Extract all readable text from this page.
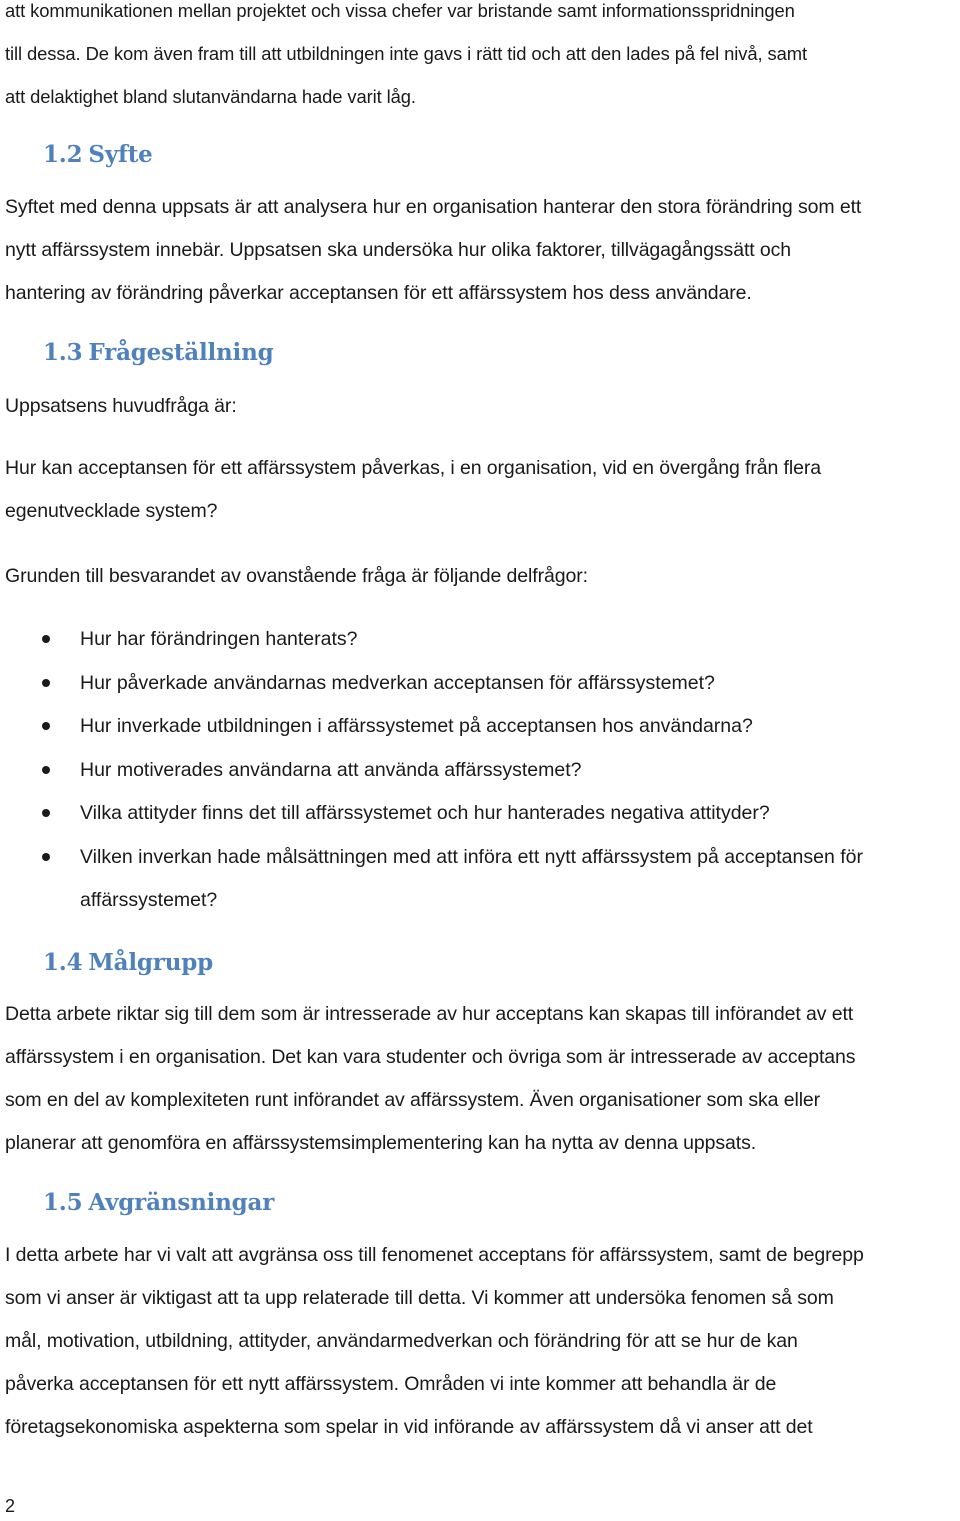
att kommunikationen mellan projektet och vissa chefer var bristande samt informationsspridningen
till dessa. De kom även fram till att utbildningen inte gavs i rätt tid och att den lades på fel nivå, samt
att delaktighet bland slutanvändarna hade varit låg.

1.2 Syfte

Syftet med denna uppsats är att analysera hur en organisation hanterar den stora förändring som ett
nytt affärssystem innebär. Uppsatsen ska undersöka hur olika faktorer, tillvägagångssätt och
hantering av förändring påverkar acceptansen för ett affärssystem hos dess användare.

1.3 Frågeställning

Uppsatsens huvudfråga är:

Hur kan acceptansen för ett affärssystem påverkas, i en organisation, vid en övergång från flera
egenutvecklade system?

Grunden till besvarandet av ovanstående fråga är följande delfrågor:

Hur har förändringen hanterats?
Hur påverkade användarnas medverkan acceptansen för affärssystemet?
Hur inverkade utbildningen i affärssystemet på acceptansen hos användarna?
Hur motiverades användarna att använda affärssystemet?
Vilka attityder finns det till affärssystemet och hur hanterades negativa attityder?
Vilken inverkan hade målsättningen med att införa ett nytt affärssystem på acceptansen för
affärssystemet?
1.4 Målgrupp

Detta arbete riktar sig till dem som är intresserade av hur acceptans kan skapas till införandet av ett
affärssystem i en organisation. Det kan vara studenter och övriga som är intresserade av acceptans
som en del av komplexiteten runt införandet av affärssystem. Även organisationer som ska eller
planerar att genomföra en affärssystemsimplementering kan ha nytta av denna uppsats.

1.5 Avgränsningar

I detta arbete har vi valt att avgränsa oss till fenomenet acceptans för affärssystem, samt de begrepp
som vi anser är viktigast att ta upp relaterade till detta. Vi kommer att undersöka fenomen så som
mål, motivation, utbildning, attityder, användarmedverkan och förändring för att se hur de kan
påverka acceptansen för ett nytt affärssystem. Områden vi inte kommer att behandla är de
företagsekonomiska aspekterna som spelar in vid införande av affärssystem då vi anser att det

2
